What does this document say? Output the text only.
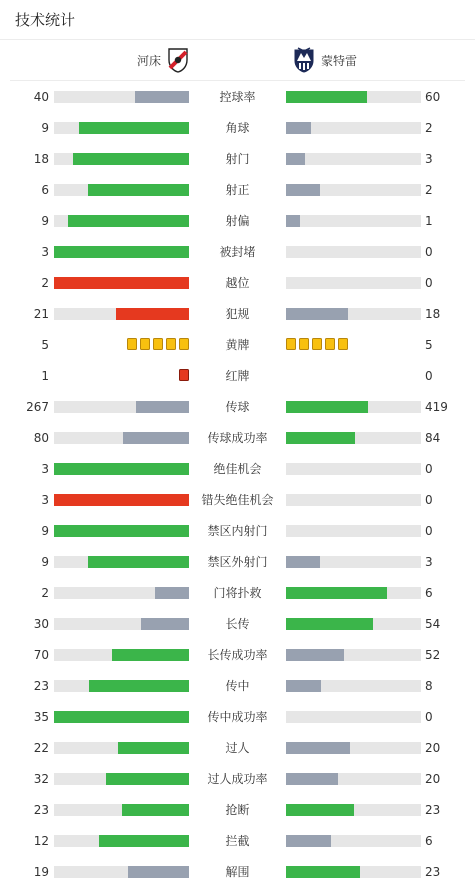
技术统计
河床	蒙特雷
40	控球率	60
9	角球	2
18	射门	3
6	射正	2
9	射偏	1
3	被封堵	0
2	越位	0
21	犯规	18
5	黄牌	5
1	红牌	0
267	传球	419
80	传球成功率	84
3	绝佳机会	0
3	错失绝佳机会	0
9	禁区内射门	0
9	禁区外射门	3
2	门将扑救	6
30	长传	54
70	长传成功率	52
23	传中	8
35	传中成功率	0
22	过人	20
32	过人成功率	20
23	抢断	23
12	拦截	6
19	解围	23
